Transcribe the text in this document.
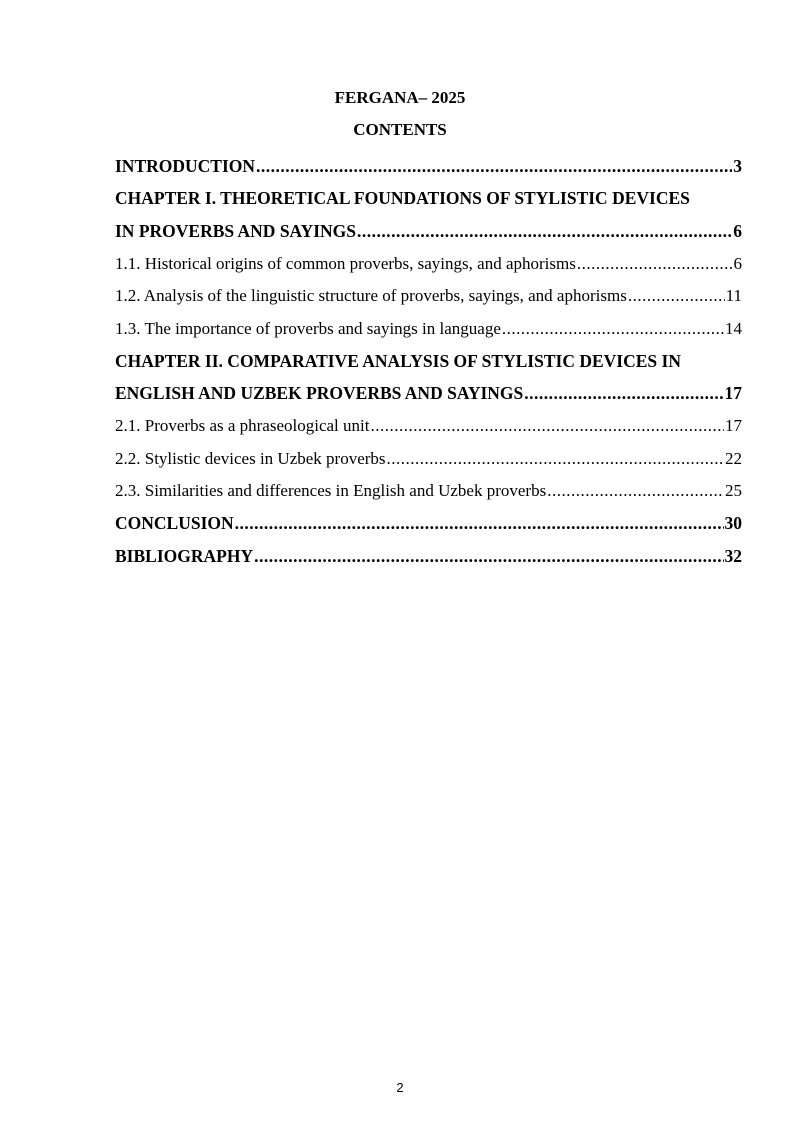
FERGANA– 2025
CONTENTS
INTRODUCTION .....	3
CHAPTER I. THEORETICAL FOUNDATIONS OF STYLISTIC DEVICES
IN PROVERBS AND SAYINGS .....	6
1.1. Historical origins of common proverbs, sayings, and aphorisms .....	6
1.2. Analysis of the linguistic structure of proverbs, sayings, and aphorisms .....	11
1.3. The importance of proverbs and sayings in language .....	14
CHAPTER II. COMPARATIVE ANALYSIS OF STYLISTIC DEVICES IN
ENGLISH AND UZBEK PROVERBS AND SAYINGS .....	17
2.1. Proverbs as a phraseological unit .....	17
2.2. Stylistic devices in Uzbek proverbs .....	22
2.3. Similarities and differences in English and Uzbek proverbs .....	25
CONCLUSION .....	30
BIBLIOGRAPHY .....	32
2
